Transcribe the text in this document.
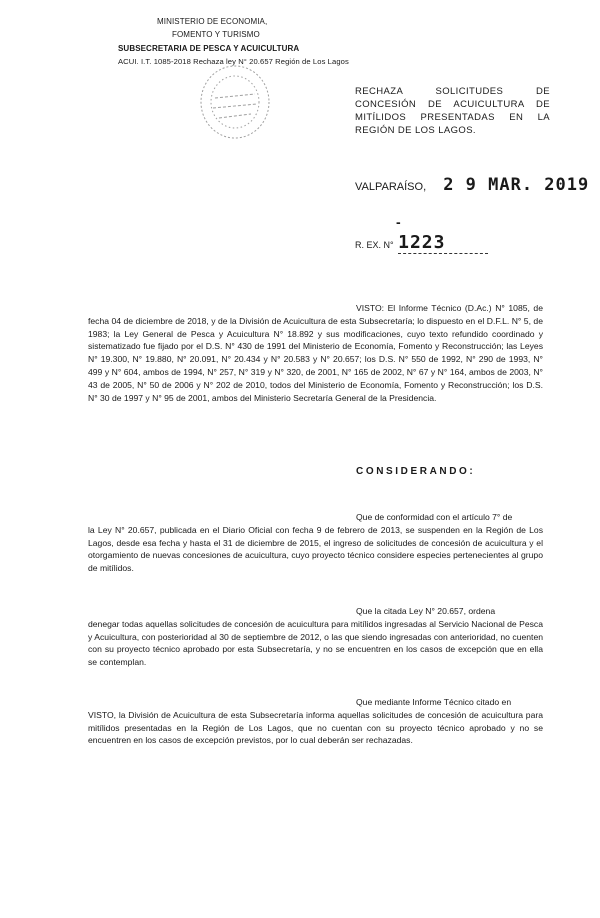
MINISTERIO DE ECONOMIA,
FOMENTO Y TURISMO
SUBSECRETARIA DE PESCA Y ACUICULTURA
ACUI. I.T. 1085-2018 Rechaza ley N° 20.657 Región de Los Lagos
RECHAZA SOLICITUDES DE CONCESIÓN DE ACUICULTURA DE MITÍLIDOS PRESENTADAS EN LA REGIÓN DE LOS LAGOS.
VALPARAÍSO, 2 9 MAR. 2019
-
R. EX. N° 1223
VISTO: El Informe Técnico (D.Ac.) N° 1085, de fecha 04 de diciembre de 2018, y de la División de Acuicultura de esta Subsecretaría; lo dispuesto en el D.F.L. N° 5, de 1983; la Ley General de Pesca y Acuicultura N° 18.892 y sus modificaciones, cuyo texto refundido coordinado y sistematizado fue fijado por el D.S. N° 430 de 1991 del Ministerio de Economía, Fomento y Reconstrucción; las Leyes N° 19.300, N° 19.880, N° 20.091, N° 20.434 y N° 20.583 y N° 20.657; los D.S. N° 550 de 1992, N° 290 de 1993, N° 499 y N° 604, ambos de 1994, N° 257, N° 319 y N° 320, de 2001, N° 165 de 2002, N° 67 y N° 164, ambos de 2003, N° 43 de 2005, N° 50 de 2006 y N° 202 de 2010, todos del Ministerio de Economía, Fomento y Reconstrucción; los D.S. N° 30 de 1997 y N° 95 de 2001, ambos del Ministerio Secretaría General de la Presidencia.
CONSIDERANDO:
Que de conformidad con el artículo 7° de
la Ley N° 20.657, publicada en el Diario Oficial con fecha 9 de febrero de 2013, se suspenden en la Región de Los Lagos, desde esa fecha y hasta el 31 de diciembre de 2015, el ingreso de solicitudes de concesión de acuicultura y el otorgamiento de nuevas concesiones de acuicultura, cuyo proyecto técnico considere especies pertenecientes al grupo de mitílidos.
Que la citada Ley N° 20.657, ordena
denegar todas aquellas solicitudes de concesión de acuicultura para mitílidos ingresadas al Servicio Nacional de Pesca y Acuicultura, con posterioridad al 30 de septiembre de 2012, o las que siendo ingresadas con anterioridad, no cuenten con su proyecto técnico aprobado por esta Subsecretaría, y no se encuentren en los casos de excepción que en ella se contemplan.
Que mediante Informe Técnico citado en
VISTO, la División de Acuicultura de esta Subsecretaría informa aquellas solicitudes de concesión de acuicultura para mitílidos presentadas en la Región de Los Lagos, que no cuentan con su proyecto técnico aprobado y no se encuentren en los casos de excepción previstos, por lo cual deberán ser rechazadas.
